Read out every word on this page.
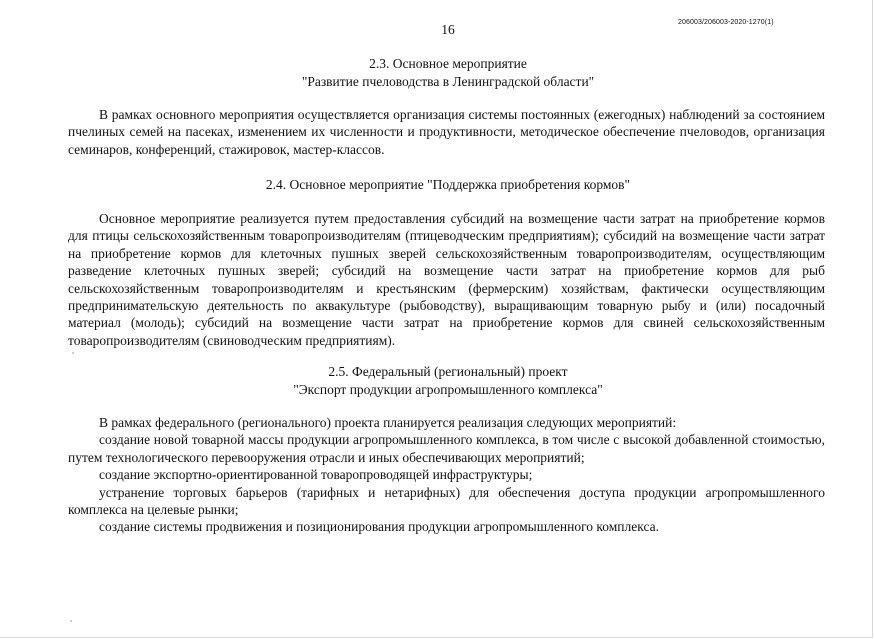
16	206003/206003-2020-1270(1)
2.3. Основное мероприятие
"Развитие пчеловодства в Ленинградской области"

В рамках основного мероприятия осуществляется организация системы постоянных (ежегодных) наблюдений за состоянием пчелиных семей на пасеках, изменением их численности и продуктивности, методическое обеспечение пчеловодов, организация семинаров, конференций, стажировок, мастер-классов.

2.4. Основное мероприятие "Поддержка приобретения кормов"

Основное мероприятие реализуется путем предоставления субсидий на возмещение части затрат на приобретение кормов для птицы сельскохозяйственным товаропроизводителям (птицеводческим предприятиям); субсидий на возмещение части затрат на приобретение кормов для клеточных пушных зверей сельскохозяйственным товаропроизводителям, осуществляющим разведение клеточных пушных зверей; субсидий на возмещение части затрат на приобретение кормов для рыб сельскохозяйственным товаропроизводителям и крестьянским (фермерским) хозяйствам, фактически осуществляющим предпринимательскую деятельность по аквакультуре (рыбоводству), выращивающим товарную рыбу и (или) посадочный материал (молодь); субсидий на возмещение части затрат на приобретение кормов для свиней сельскохозяйственным товаропроизводителям (свиноводческим предприятиям).

2.5. Федеральный (региональный) проект
"Экспорт продукции агропромышленного комплекса"

В рамках федерального (регионального) проекта планируется реализация следующих мероприятий:

создание новой товарной массы продукции агропромышленного комплекса, в том числе с высокой добавленной стоимостью, путем технологического перевооружения отрасли и иных обеспечивающих мероприятий;

создание экспортно-ориентированной товаропроводящей инфраструктуры;

устранение торговых барьеров (тарифных и нетарифных) для обеспечения доступа продукции агропромышленного комплекса на целевые рынки;

создание системы продвижения и позиционирования продукции агропромышленного комплекса.
